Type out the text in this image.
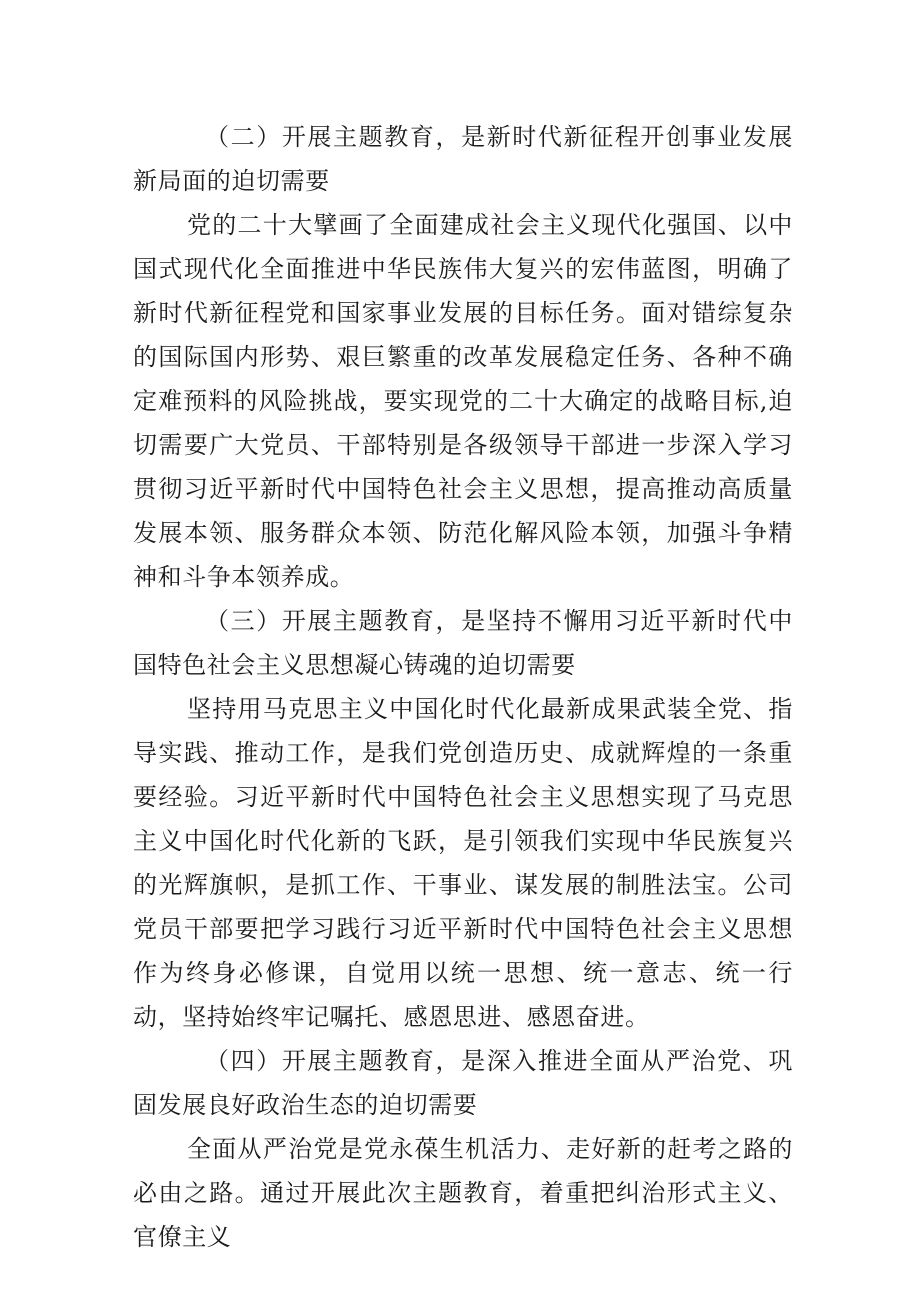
（二）开展主题教育，是新时代新征程开创事业发展新局面的迫切需要

党的二十大擘画了全面建成社会主义现代化强国、以中国式现代化全面推进中华民族伟大复兴的宏伟蓝图，明确了新时代新征程党和国家事业发展的目标任务。面对错综复杂的国际国内形势、艰巨繁重的改革发展稳定任务、各种不确定难预料的风险挑战，要实现党的二十大确定的战略目标,迫切需要广大党员、干部特别是各级领导干部进一步深入学习贯彻习近平新时代中国特色社会主义思想，提高推动高质量发展本领、服务群众本领、防范化解风险本领，加强斗争精神和斗争本领养成。

（三）开展主题教育，是坚持不懈用习近平新时代中国特色社会主义思想凝心铸魂的迫切需要

坚持用马克思主义中国化时代化最新成果武装全党、指导实践、推动工作，是我们党创造历史、成就辉煌的一条重要经验。习近平新时代中国特色社会主义思想实现了马克思主义中国化时代化新的飞跃，是引领我们实现中华民族复兴的光辉旗帜，是抓工作、干事业、谋发展的制胜法宝。公司党员干部要把学习践行习近平新时代中国特色社会主义思想作为终身必修课，自觉用以统一思想、统一意志、统一行动，坚持始终牢记嘱托、感恩思进、感恩奋进。

（四）开展主题教育，是深入推进全面从严治党、巩固发展良好政治生态的迫切需要

全面从严治党是党永葆生机活力、走好新的赶考之路的必由之路。通过开展此次主题教育，着重把纠治形式主义、官僚主义
